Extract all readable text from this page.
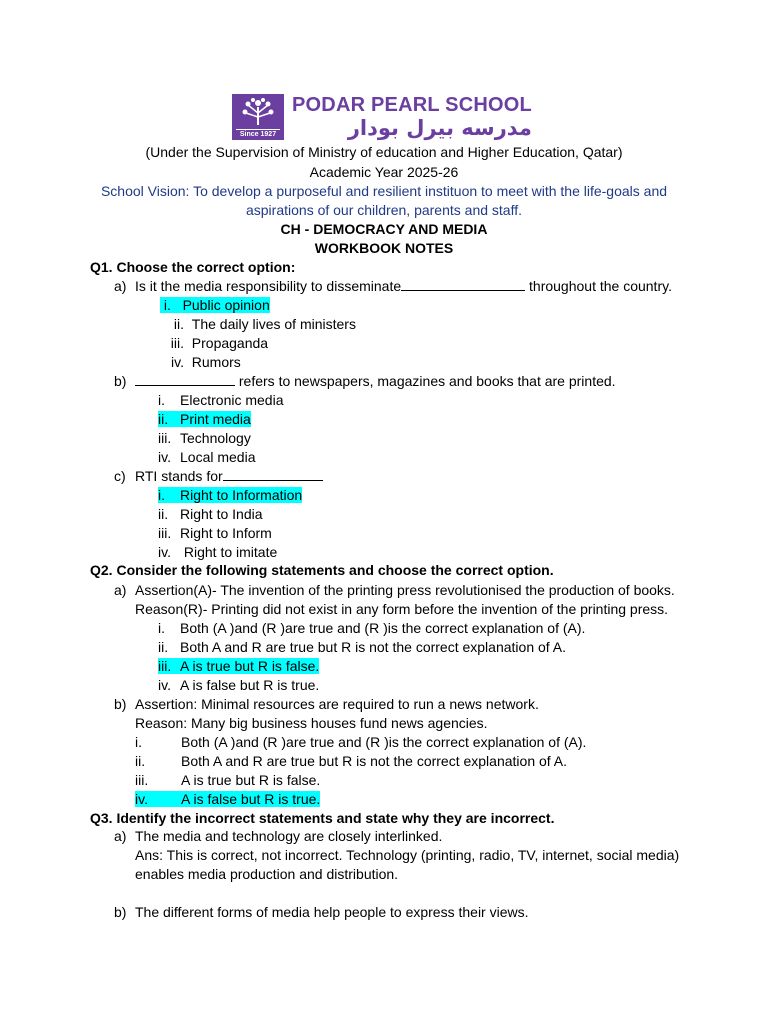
Since 1927
PODAR PEARL SCHOOL
مدرسه بيرل بودار
(Under the Supervision of Ministry of education and Higher Education, Qatar)
Academic Year 2025-26
School Vision: To develop a purposeful and resilient instituon to meet with the life-goals and
aspirations of our children, parents and staff.
CH - DEMOCRACY AND MEDIA
WORKBOOK NOTES
Q1. Choose the correct option:
a) Is it the media responsibility to disseminate	throughout the country.
i. Public opinion
ii. The daily lives of ministers
iii. Propaganda
iv. Rumors
b)	refers to newspapers, magazines and books that are printed.
i. Electronic media
ii. Print media
iii. Technology
iv. Local media
c) RTI stands for
i. Right to Information
ii. Right to India
iii. Right to Inform
iv. Right to imitate
Q2. Consider the following statements and choose the correct option.
a) Assertion(A)- The invention of the printing press revolutionised the production of books.
Reason(R)- Printing did not exist in any form before the invention of the printing press.
i. Both (A )and (R )are true and (R )is the correct explanation of (A).
ii. Both A and R are true but R is not the correct explanation of A.
iii. A is true but R is false.
iv. A is false but R is true.
b) Assertion: Minimal resources are required to run a news network.
Reason: Many big business houses fund news agencies.
i.	Both (A )and (R )are true and (R )is the correct explanation of (A).
ii.	Both A and R are true but R is not the correct explanation of A.
iii. A is true but R is false.
iv. A is false but R is true.
Q3. Identify the incorrect statements and state why they are incorrect.
a) The media and technology are closely interlinked.
Ans: This is correct, not incorrect. Technology (printing, radio, TV, internet, social media)
enables media production and distribution.
b) The different forms of media help people to express their views.
